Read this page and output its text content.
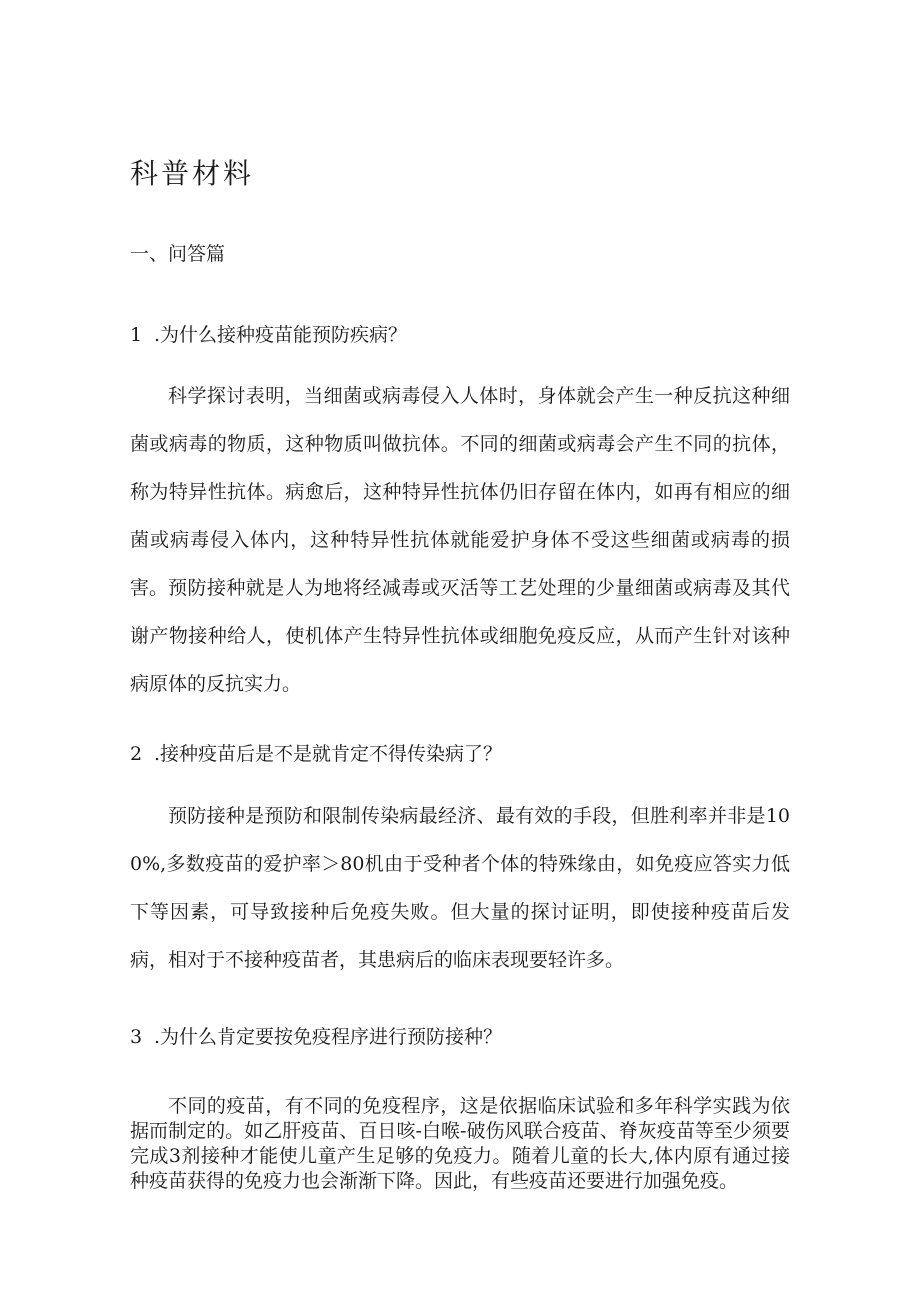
科普材料
一、问答篇
1 .为什么接种疫苗能预防疾病？

科学探讨表明，当细菌或病毒侵入人体时，身体就会产生一种反抗这种细菌或病毒的物质，这种物质叫做抗体。不同的细菌或病毒会产生不同的抗体，称为特异性抗体。病愈后，这种特异性抗体仍旧存留在体内，如再有相应的细菌或病毒侵入体内，这种特异性抗体就能爱护身体不受这些细菌或病毒的损害。 预防接种就是人为地将经减毒或灭活等工艺处理的少量细菌或病毒及其代谢产物接种给人，使机体产生特异性抗体或细胞免疫反应，从而产生针对该种病原体的反抗实力。

2 .接种疫苗后是不是就肯定不得传染病了？

预防接种是预防和限制传染病最经济、最有效的手段，但胜利率并非是100%,多数疫苗的爱护率＞80机由于受种者个体的特殊缘由，如免疫应答实力低下等因素，可导致接种后免疫失败。但大量的探讨证明，即使接种疫苗后发病，相对于不接种疫苗者，其患病后的临床表现要轻许多。

3 .为什么肯定要按免疫程序进行预防接种？

不同的疫苗，有不同的免疫程序，这是依据临床试验和多年科学实践为依据而制定的。如乙肝疫苗、百日咳-白喉-破伤风联合疫苗、脊灰疫苗等至少须要完成3剂接种才能使儿童产生足够的免疫力。随着儿童的长大,体内原有通过接种疫苗获得的免疫力也会渐渐下降。因此，有些疫苗还要进行加强免疫。
